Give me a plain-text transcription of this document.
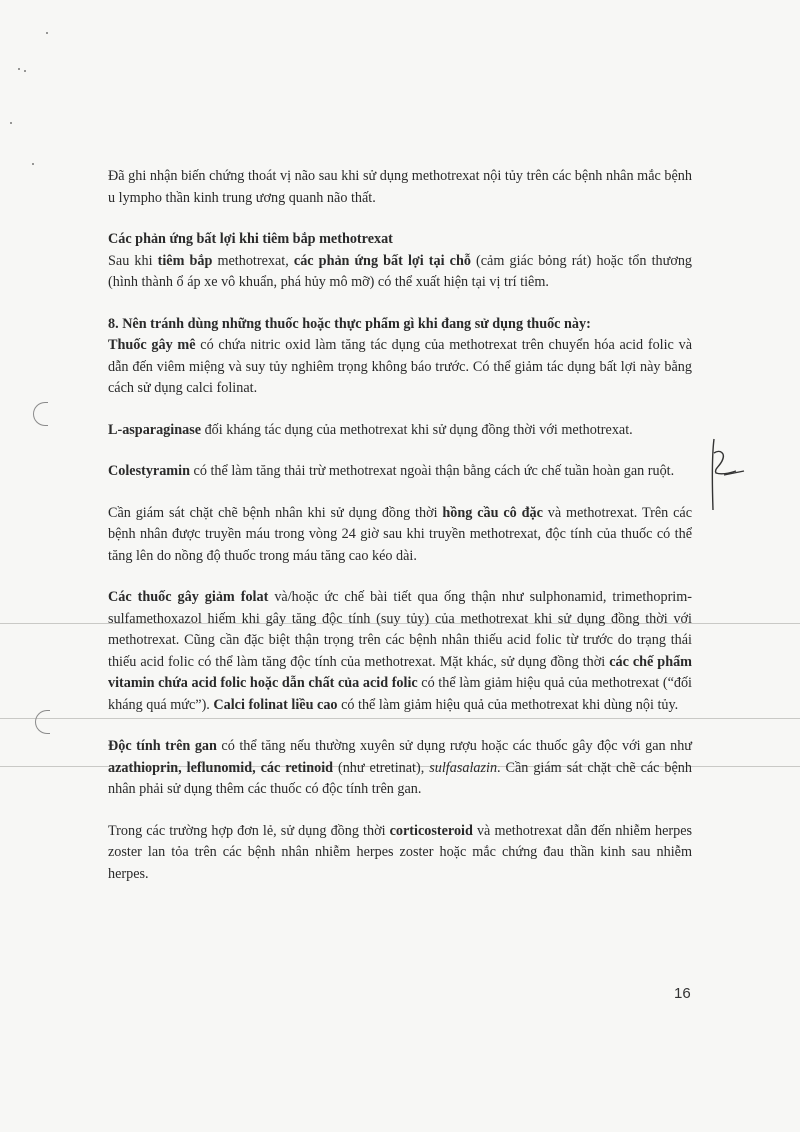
Đã ghi nhận biến chứng thoát vị não sau khi sử dụng methotrexat nội tủy trên các bệnh nhân mắc bệnh u lympho thần kinh trung ương quanh não thất.

Các phản ứng bất lợi khi tiêm bắp methotrexat

Sau khi tiêm bắp methotrexat, các phản ứng bất lợi tại chỗ (cảm giác bỏng rát) hoặc tổn thương (hình thành ổ áp xe vô khuẩn, phá hủy mô mỡ) có thể xuất hiện tại vị trí tiêm.

8. Nên tránh dùng những thuốc hoặc thực phẩm gì khi đang sử dụng thuốc này:

Thuốc gây mê có chứa nitric oxid làm tăng tác dụng của methotrexat trên chuyển hóa acid folic và dẫn đến viêm miệng và suy tủy nghiêm trọng không báo trước. Có thể giảm tác dụng bất lợi này bằng cách sử dụng calci folinat.

L-asparaginase đối kháng tác dụng của methotrexat khi sử dụng đồng thời với methotrexat.

Colestyramin có thể làm tăng thải trừ methotrexat ngoài thận bằng cách ức chế tuần hoàn gan ruột.

Cần giám sát chặt chẽ bệnh nhân khi sử dụng đồng thời hồng cầu cô đặc và methotrexat. Trên các bệnh nhân được truyền máu trong vòng 24 giờ sau khi truyền methotrexat, độc tính của thuốc có thể tăng lên do nồng độ thuốc trong máu tăng cao kéo dài.

Các thuốc gây giảm folat và/hoặc ức chế bài tiết qua ống thận như sulphonamid, trimethoprim-sulfamethoxazol hiếm khi gây tăng độc tính (suy tủy) của methotrexat khi sử dụng đồng thời với methotrexat. Cũng cần đặc biệt thận trọng trên các bệnh nhân thiếu acid folic từ trước do trạng thái thiếu acid folic có thể làm tăng độc tính của methotrexat. Mặt khác, sử dụng đồng thời các chế phẩm vitamin chứa acid folic hoặc dẫn chất của acid folic có thể làm giảm hiệu quả của methotrexat (“đối kháng quá mức”). Calci folinat liều cao có thể làm giảm hiệu quả của methotrexat khi dùng nội tủy.

Độc tính trên gan có thể tăng nếu thường xuyên sử dụng rượu hoặc các thuốc gây độc với gan như azathioprin, leflunomid, các retinoid (như etretinat), sulfasalazin. Cần giám sát chặt chẽ các bệnh nhân phải sử dụng thêm các thuốc có độc tính trên gan.

Trong các trường hợp đơn lẻ, sử dụng đồng thời corticosteroid và methotrexat dẫn đến nhiễm herpes zoster lan tỏa trên các bệnh nhân nhiễm herpes zoster hoặc mắc chứng đau thần kinh sau nhiễm herpes.

16
